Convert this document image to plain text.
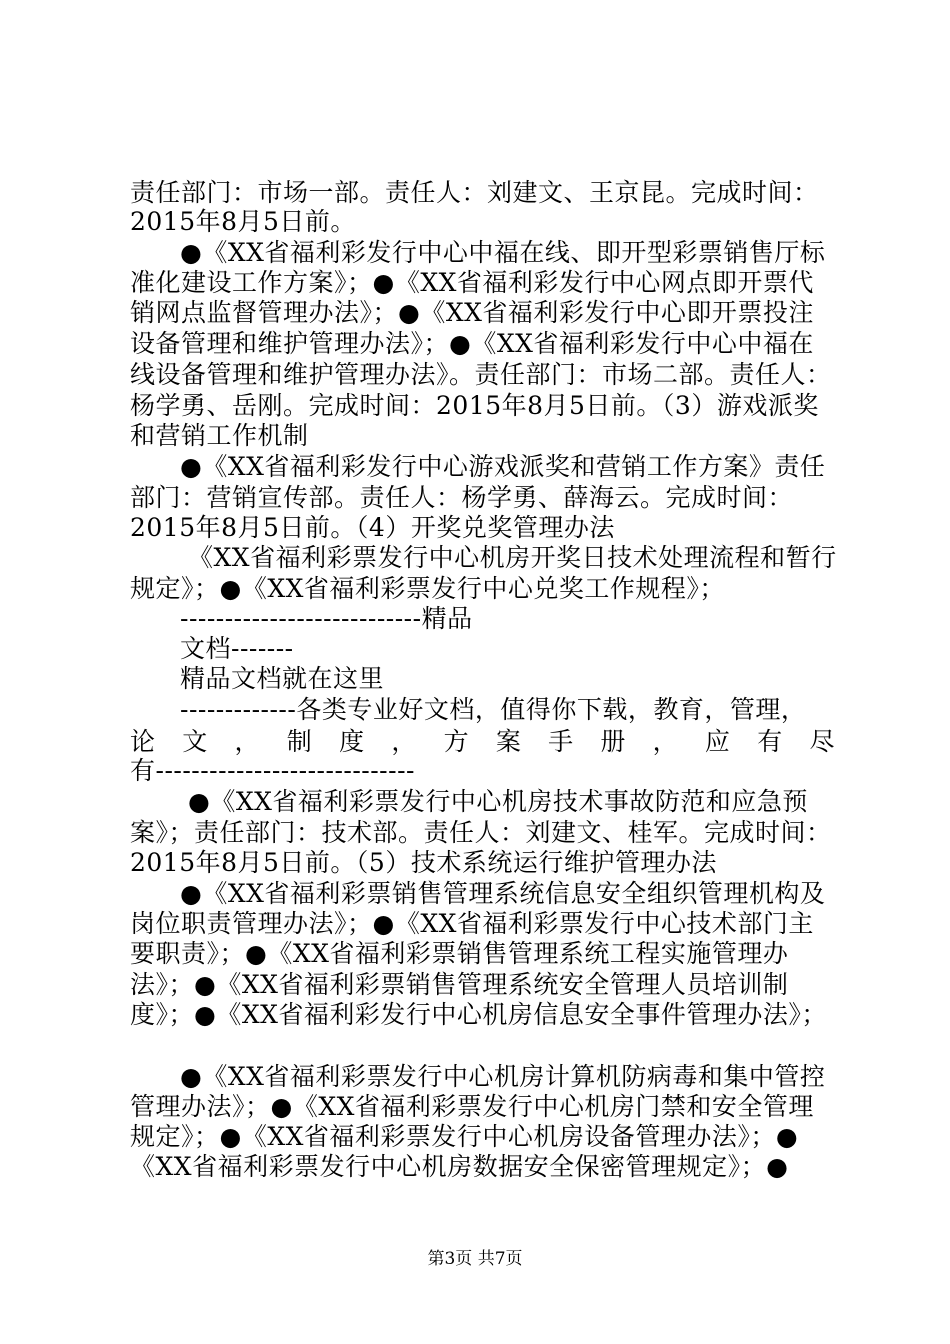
责任部门：市场一部。责任人：刘建文、王京昆。完成时间：
2015年8月5日前。
●《XX省福利彩发行中心中福在线、即开型彩票销售厅标
准化建设工作方案》；●《XX省福利彩发行中心网点即开票代
销网点监督管理办法》；●《XX省福利彩发行中心即开票投注
设备管理和维护管理办法》；●《XX省福利彩发行中心中福在
线设备管理和维护管理办法》。责任部门：市场二部。责任人：
杨学勇、岳刚。完成时间：2015年8月5日前。（3）游戏派奖
和营销工作机制
●《XX省福利彩发行中心游戏派奖和营销工作方案》责任
部门：营销宣传部。责任人：杨学勇、薛海云。完成时间：
2015年8月5日前。（4）开奖兑奖管理办法
《XX省福利彩票发行中心机房开奖日技术处理流程和暂行
规定》；●《XX省福利彩票发行中心兑奖工作规程》；
---------------------------精品
文档-------
精品文档就在这里
-------------各类专业好文档，值得你下载，教育，管理，
论 文 ， 制 度 ， 方 案 手 册 ， 应 有 尽
有-----------------------------
●《XX省福利彩票发行中心机房技术事故防范和应急预
案》；责任部门：技术部。责任人：刘建文、桂军。完成时间：
2015年8月5日前。（5）技术系统运行维护管理办法
●《XX省福利彩票销售管理系统信息安全组织管理机构及
岗位职责管理办法》；●《XX省福利彩票发行中心技术部门主
要职责》；●《XX省福利彩票销售管理系统工程实施管理办
法》；●《XX省福利彩票销售管理系统安全管理人员培训制
度》；●《XX省福利彩发行中心机房信息安全事件管理办法》；
●《XX省福利彩票发行中心机房计算机防病毒和集中管控
管理办法》；●《XX省福利彩票发行中心机房门禁和安全管理
规定》；●《XX省福利彩票发行中心机房设备管理办法》；●
《XX省福利彩票发行中心机房数据安全保密管理规定》；●
第3页 共7页
